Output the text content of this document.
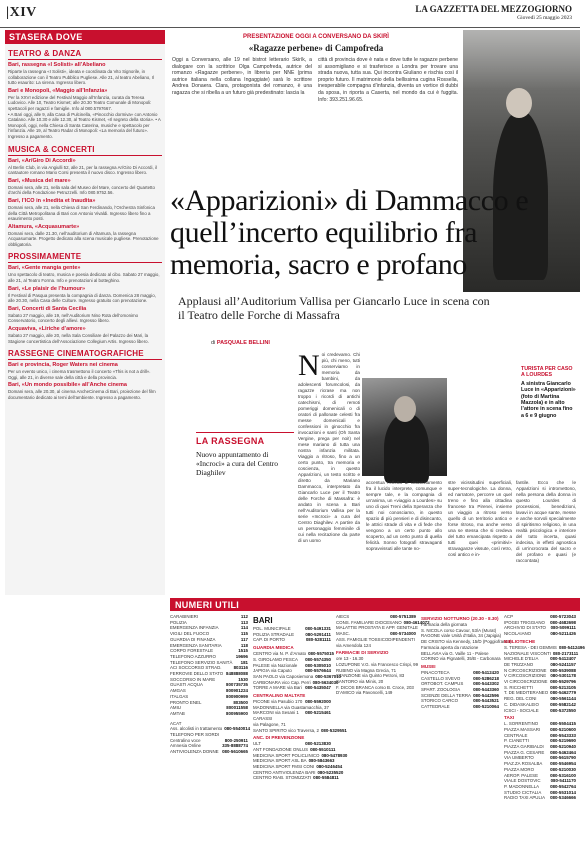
|XIV	LA GAZZETTA DEL MEZZOGIORNO
Giovedì 25 maggio 2023
STASERA DOVE
TEATRO & DANZA
Bari, rassegna «I Solisti» all’Abeliano
Riparte la rassegna «I Solisti», ideata e coordinata da Vito Signorile, in collaborazione con il Teatro Pubblico Pugliese. Alle 21, al teatro Abeliano, Il tutto esaurito: La sirena. Ingresso libero.
Bari e Monopoli, «Maggio all’Infanzia»
Per la XXVI edizione del Festival Maggio all’Infanzia, curata da Teresa Ludovico. Alle 10, Teatro Kismet; alle 20.30 Teatro Comunale di Monopoli: spettacoli per ragazzi e famiglie. Info al 080.5797667.
• A Bari oggi, alle 9, alla Casa di Pulcinella, «Pinocchio dormiva» con Antonio Catalano. Alle 10.30 e alle 12.30, al Teatro Kismet, «Il segreto della storia». • A Monopoli, oggi, nella Chiesa di Santa Caterina, musiche e spettacolo per l’infanzia. Alle 19, al Teatro Radar di Monopoli: «La memoria del futuro». Ingresso a pagamento.
MUSICA & CONCERTI
Bari, «Ar/Giro Di Accordi»
Al Berlin Club, in via Angiulli 52, alle 21, per la rassegna Ar/Giro Di Accordi, il cantautore romano Mario Corsi presenta il nuovo disco. Ingresso libero.
Bari, «Musica del mare»
Domani sera, alle 21, nella sala del Museo del Mare, concerto del Quartetto d’archi della Fondazione Petruzzelli. Info 080.9752.56.
Bari, l’ICO in «Inedita et Inaudita»
Domani sera, alle 21, nella Chiesa di San Ferdinando, l’Orchestra Sinfonica della Città Metropolitana di Bari con Antonio Vivaldi. Ingresso libero fino a esaurimento posti.
Altamura, «Acquasumarte»
Domani sera, dalle 21.30, nell’auditorium di Altamura, la rassegna Acquasumarte. Progetto dedicato alla scena musicale pugliese. Prenotazione obbligatoria.
PROSSIMAMENTE
Bari, «Gente mangia gente»
Uno spettacolo di teatro, musica e poesia dedicato al cibo. Sabato 27 maggio, alle 21, al Teatro Forma. Info e prenotazioni al botteghino.
Bari, «Le plaisir de l’humour»
Il Festival di Pasqua presenta la compagnia di danza. Domenica 28 maggio, alle 20.30, nella Casa delle Culture. Ingresso gratuito con prenotazione.
Bari, Concerti di Santa Cecilia
Sabato 27 maggio, alle 19, nell’Auditorium Nino Rota dell’omonimo Conservatorio, concerto degli allievi. Ingresso libero.
Acquaviva, «Liriche d’amore»
Sabato 27 maggio, alle 20, nella Sala Consiliare del Palazzo dei Mari, la Stagione concertistica dell’Associazione Collegium Artis. Ingresso libero.
RASSEGNE CINEMATOGRAFICHE
Bari e provincia, Roger Waters nei cinema
Per un evento unico, i cinema trasmettono il concerto «This is not a drill». Oggi, alle 21, in diverse sale della città e della provincia.
Bari, «Un mondo possibile» all’Anche cinema
Domani sera, alle 20.30, al cinema AncheCinema di Bari, proiezione del film documentario dedicato ai temi dell’ambiente. Ingresso a pagamento.
PRESENTAZIONE OGGI A CONVERSANO DA SKIRÌ
«Ragazze perbene» di Campofreda
Oggi a Conversano, alle 19 nel bistrot letterario Skirìk, a dialogare con la scrittrice Olga Campofreda, autrice del romanzo «Ragazze perbene», in libreria per NNE (prima autrice italiana nella collana Ingaggiate) sarà lo scrittore Andrea Donaera. Clara, protagonista del romanzo, è una ragazza che si ribella a un futuro già predestinato: lascia la
città di provincia dove è nata e dove tutte le ragazze perbene si assomigliano e si trasferisce a Londra per trovare una strada nuova, tutta sua. Qui incontra Giuliano e rischia così il proprio futuro. Il matrimonio della bellissima cugina Rossella, inesperabile compagna d’infanzia, diventa un vortice di dubbi da sposa, in riporta a Caserta, nel mondo da cui è fuggita. Info: 393.251.96.65.
«Apparizioni» di Dammacco e quell’incerto equilibrio fra memoria, sacro e profano
Applausi all’Auditorium Vallisa per Giancarlo Luce in scena con il Teatro delle Forche di Massafra
di PASQUALE BELLINI
LA RASSEGNA
Nuovo appuntamento di «Incroci» a cura del Centro Diaghilev
N oi credevamo. Chi più, chi meno, tutti conserviamo in memoria da bambini, da adolescenti forumcolosi, da ragazze ricrase ma non troppo i ricordi di antichi catechismi, di remoti pomeriggi domenicali o di oratori di pallonate celesti fra messe domenicali e confessioni in ginocchio fra invocazioni e santi (Oh Santa Vergine, prega per noi!) nel mese mariano di tutta una nostra infanzia militata. Viaggio a ritroso, fino a un certo punto, tra memoria e coscienza, in questo Apparizioni, un testo scritto e diretto da Mariano Dammacco, interpretato da Giancarlo Luce per il Teatro delle Forche di Massafra: è andato in scena a Bari nell’Auditorium Vallisa per la serie «Incroci» a cura del Centro Diaghilev. A partire da un personaggio femminile di cui nella recitazione da parte di un uomo
accentua l’effetto di distanziamento fra il lucido interprete, comunque e sempre tale, e la compagnia di un’anima, un «viaggio a Lourdes» su uno di quei Treni della Speranza che tutti noi conosciamo, in questo spazio di più pensieri e di disincanto, le attrici strade di vita e di fede che vengono a un certo punto allo scoperto, ad un certo punto di quella felicità. Sonno fotografi stravaganti sopravvissuti alle tante no-
stre vicissitudini superficiali, super-tecnologiche. La donna, ed narratore, percorre un quel treno e fino alla cittadina francese tra Pirenei, insieme un viaggio a ritroso verso quello di un territorio antico e forse ritroso, ma anche verso una se stessa che si credeva del tutto emancipata rispetto a tutti quei «primitivi» stravaganze vissute, così retro, così antico e in-
fantile. Ecco che le Apparizioni si intromettono, nella persona della donna in questo Lourdes di processioni, benedizioni, lavavi in acque sante, messe e anche sorvoli specialmente di spiritismo religioso, in una realtà psicologica e interiore del tutto incerta, quasi indecisa, in effetti agnostica di un'incrocrata del sacro e del profano e quasi (e raccontata)
TURISTA PER CASO A LOURDES
A sinistra Giancarlo Luce in «Apparizioni» (foto di Martina Mazzola) e in alto l’attore in scena fino a 6 e 9 giugno
NUMERI UTILI
CARABINIERI	112
POLIZIA	113
EMERGENZA INFANZIA	114
VIGILI DEL FUOCO	115
GUARDIA DI FINANZA	117
EMERGENZA SANITARIA	118
CORPO FORESTALE	1515
TELEFONO AZZURRO	19696
TELEFONO SERVIZIO SANITÀ 181
ACI SOCCORSO STRAD.	803116
FERROVIE DELLO STATO 848888088
SOCCORSO IN MARE	1530
GUASTI ACQUA	800735735
AMGAS	800901224
ITALGAS	800900999
PRONTO ENEL	803500
AMIU	800011558
AMTAB	800955900
ACAT
Ass. alcolisti in trattamento 080-5540014
TELEFONO PER SORDI
Centralino voce	800-250911
Amnesia Online	335-8888774
ANTIVIOLENZA DONNE 080-5610665
BARI
POL. MUNICIPALE	080-5491331
POLIZIA STRADALE	080-5291411
CAP. DI PORTO	080-5281111
GUARDIA MEDICA
CENTRO via N. P. d’Amato 080-5575015
S. GIROLAMO FESCA 080-5574350
PALESE via Nazionale 080-5305010
JAPIGIA via Caputo	080-5576644
SAN PAOLO via Caposiemona 080-5367010
CARBONARA vico Cap. Perri 080-5634030
TORRE A MARE via Bari 080-5435047
CENTRALINO MALTATE
PICONE via Pasubio 170 080-5592000
MADONNELLA via Guastamacchia, 37
MARCONI via Sesani 1 080-5215461
CARASSI
via Palagone, 71
SANTO SPIRITO vico Traversa, 2 080-5329551
ANC. DI PREVENZIONE
ULT	080-5213830
ANT FONDAZIONE ONLUS 080-5510111
MEDICINA SPORT POLICLINICO 080-5478930
MEDICINA SPORT ASL BA 080-5843663
MEDICINA SPORT FMSI CONI 080-5246454
CENTRO ANTIVIOLENZA BARI 080-5235520
CENTRO RIAB. STOMIZZATI 080-5584811
AIECS	080-5751389
CONS. FAMILIARE DIOCESANO 080-4614072
MALATTIE PROSTATA E APP. GENITALE
MASC.	080-5734000
ASS. FAMIGLIE TOSSICODIPENDENTI
via Amendola 124
FARMACIE DI SERVIZIO
ore 13 - 16.30
LOZUPONE V.G. via Francesco Crispi, 99
RUBINO via Magna Grecia, 71
STANZIONE via Quinto Petroni, 83
SANTORO via Minis, 20
F. DICOS BRANCA corso B. Croce, 203
D’AMICO via Pavoncelli, 149
SERVIZIO NOTTURNO (20.30 - 8.30)
Farmacia della giornata
S. NICOLA corso Cavour, 53/A (Murat)
RAGONE viale Unità d’Italia, 34 (Japigia)
DE CRISTO via Kennedy, 15/D (Poggiofranco)
Farmacia aperta da rotazione
BELLAVIA via G. Vaille 11 - Palese
CORINO via Pignatelli, 35/B - Carbonara
MUSEI
PINACOTECA	080-5412420
CASTELLO SVEVO	080-5286218
ORTOBOT. CAMPUS 080-5443302
SPART. ZOOLOGIA	080-5443360
SCIENZE DELLA TERRA 080-5442596
STORICO CARCO	080-5443521
CATTEDRALE	080-5210064
ACP	080-5723043
IPOGEI TRIGGIANO 080-4682698
ARCHIVIO DI STATO 080-5099111
NICOLAIANO	080-5211426
BIBLIOTECHE
S. TERESA - DEI GEMMIS 080-5412496
NAZIONALE VISCONTI 080-2173111
MICHELE D’ELIA	080-5412407
DE TRIZZANO	080-5241157
N CIRCOSCRIZIONE 080-5539088
V CIRCOSCRIZIONE 080-5301178
VI CIRCOSCRIZIONE 080-5529796
S. RICCHETTI	080-5213105
T. DE MEDITERANEO 080-5462779
REG. DEL CONI	080-5561144
C. DIDASKALEIO	080-5582142
ICSCI - SOCIALE	080-5372550
TAXI
L. SORRENTINO	080-5504415
PIAZZA MASSARI 080-5210600
CENTRALE	080-5543333
P. CIANETTI	080-5219690
PIAZZA GARIBALDI 080-5210940
PIAZZA G. CESARE 080-5462464
VIA UMBERTO	080-5615790
PIAZ.ZA ROSALBA 080-5546954
PIAZZA MORO	080-5210030
AEROP. PALESE	080-5316100
VIALE DOSTOVIC 080-5411170
P. MADONNELLA	080-5542764
STUDIO CICTALIA 080-5531014
RADIO TAXI APULIA 080-5346666
